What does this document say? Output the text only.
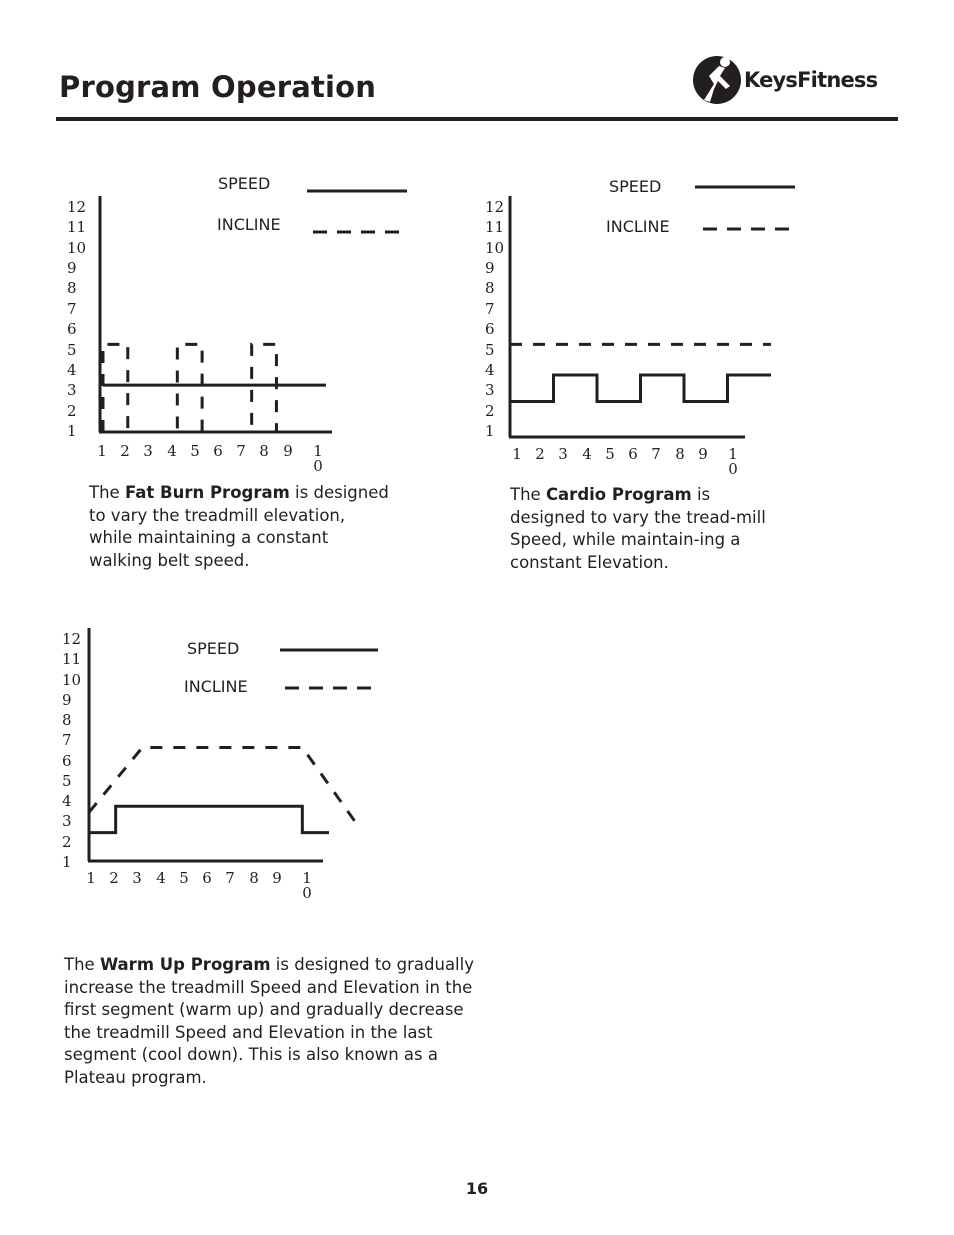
Program Operation	KeysFitness
SPEED
INCLINE
12
11
10
9
8
7
6
5
4
3
2
1
1 2 3 4 5 6 7 8 9 1 0
SPEED
INCLINE
12
11
10
9
8
7
6
5
4
3
2
1
1 2 3 4 5 6 7 8 9 1 0
SPEED
INCLINE
12
11
10
9
8
7
6
5
4
3
2
1
1 2 3 4 5 6 7 8 9 1 0
The Fat Burn Program is designed to vary the treadmill elevation, while maintaining a constant walking belt speed.
The Cardio Program is designed to vary the tread-mill Speed, while maintain-ing a constant Elevation.
The Warm Up Program is designed to gradually increase the treadmill Speed and Elevation in the first segment (warm up) and gradually decrease the treadmill Speed and Elevation in the last segment (cool down). This is also known as a Plateau program.
16
